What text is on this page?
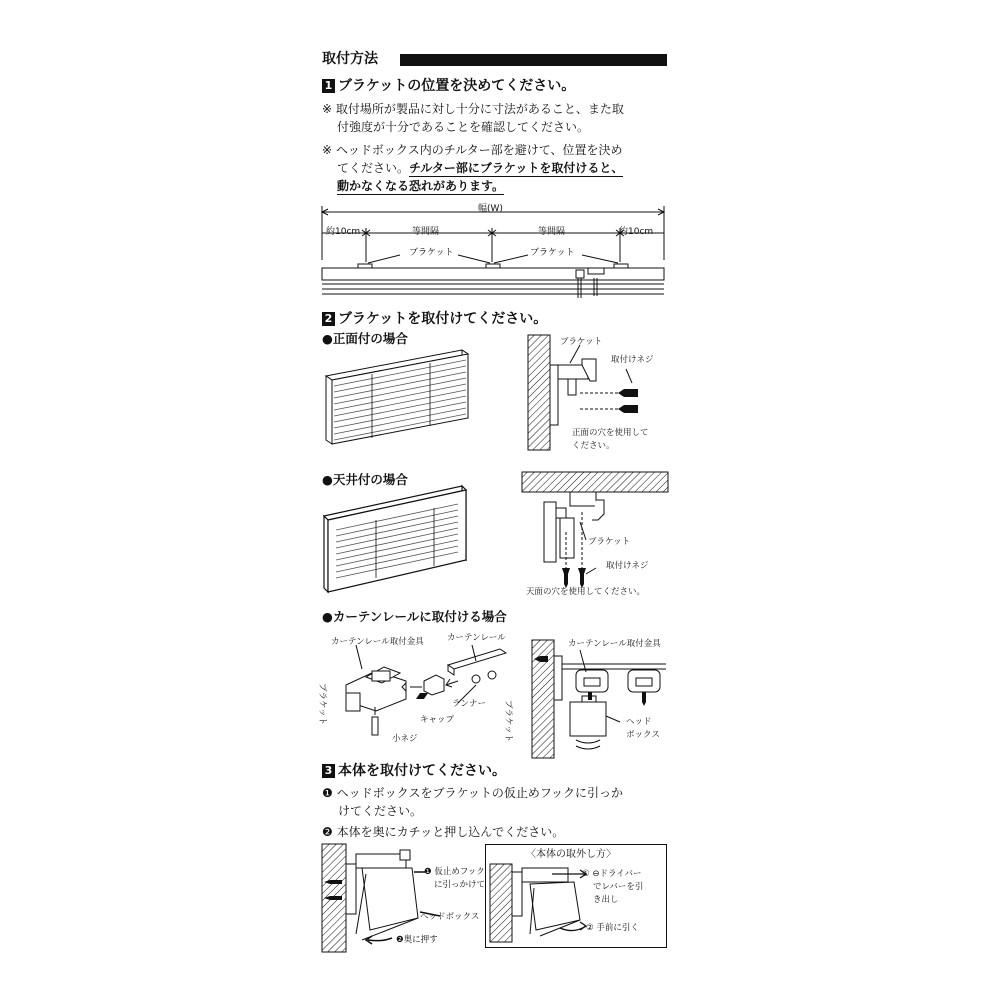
取付方法
1 ブラケットの位置を決めてください。
※ 取付場所が製品に対し十分に寸法があること、また取
付強度が十分であることを確認してください。
※ ヘッドボックス内のチルター部を避けて、位置を決め
てください。チルター部にブラケットを取付けると、
動かなくなる恐れがあります。
幅(W)
約10cm	等間隔	等間隔	約10cm
ブラケット	ブラケット
2 ブラケットを取付けてください。
●正面付の場合	ブラケット
取付けネジ
正面の穴を使用して
ください。
●天井付の場合
ブラケット
取付けネジ
天面の穴を使用してください。
●カーテンレールに取付ける場合
カーテンレール取付金具	カーテンレール
ブラケット	キャップ
ランナー
小ネジ
カーテンレール取付金具
ブラケット	ヘッド
ボックス
3 本体を取付けてください。
❶ ヘッドボックスをブラケットの仮止めフックに引っか
けてください。
❷ 本体を奥にカチッと押し込んでください。
❶ 仮止めフック
に引っかけて
ヘッドボックス
❷奥に押す
〈本体の取外し方〉
① ⊖ドライバー
でレバーを引
き出し
② 手前に引く
